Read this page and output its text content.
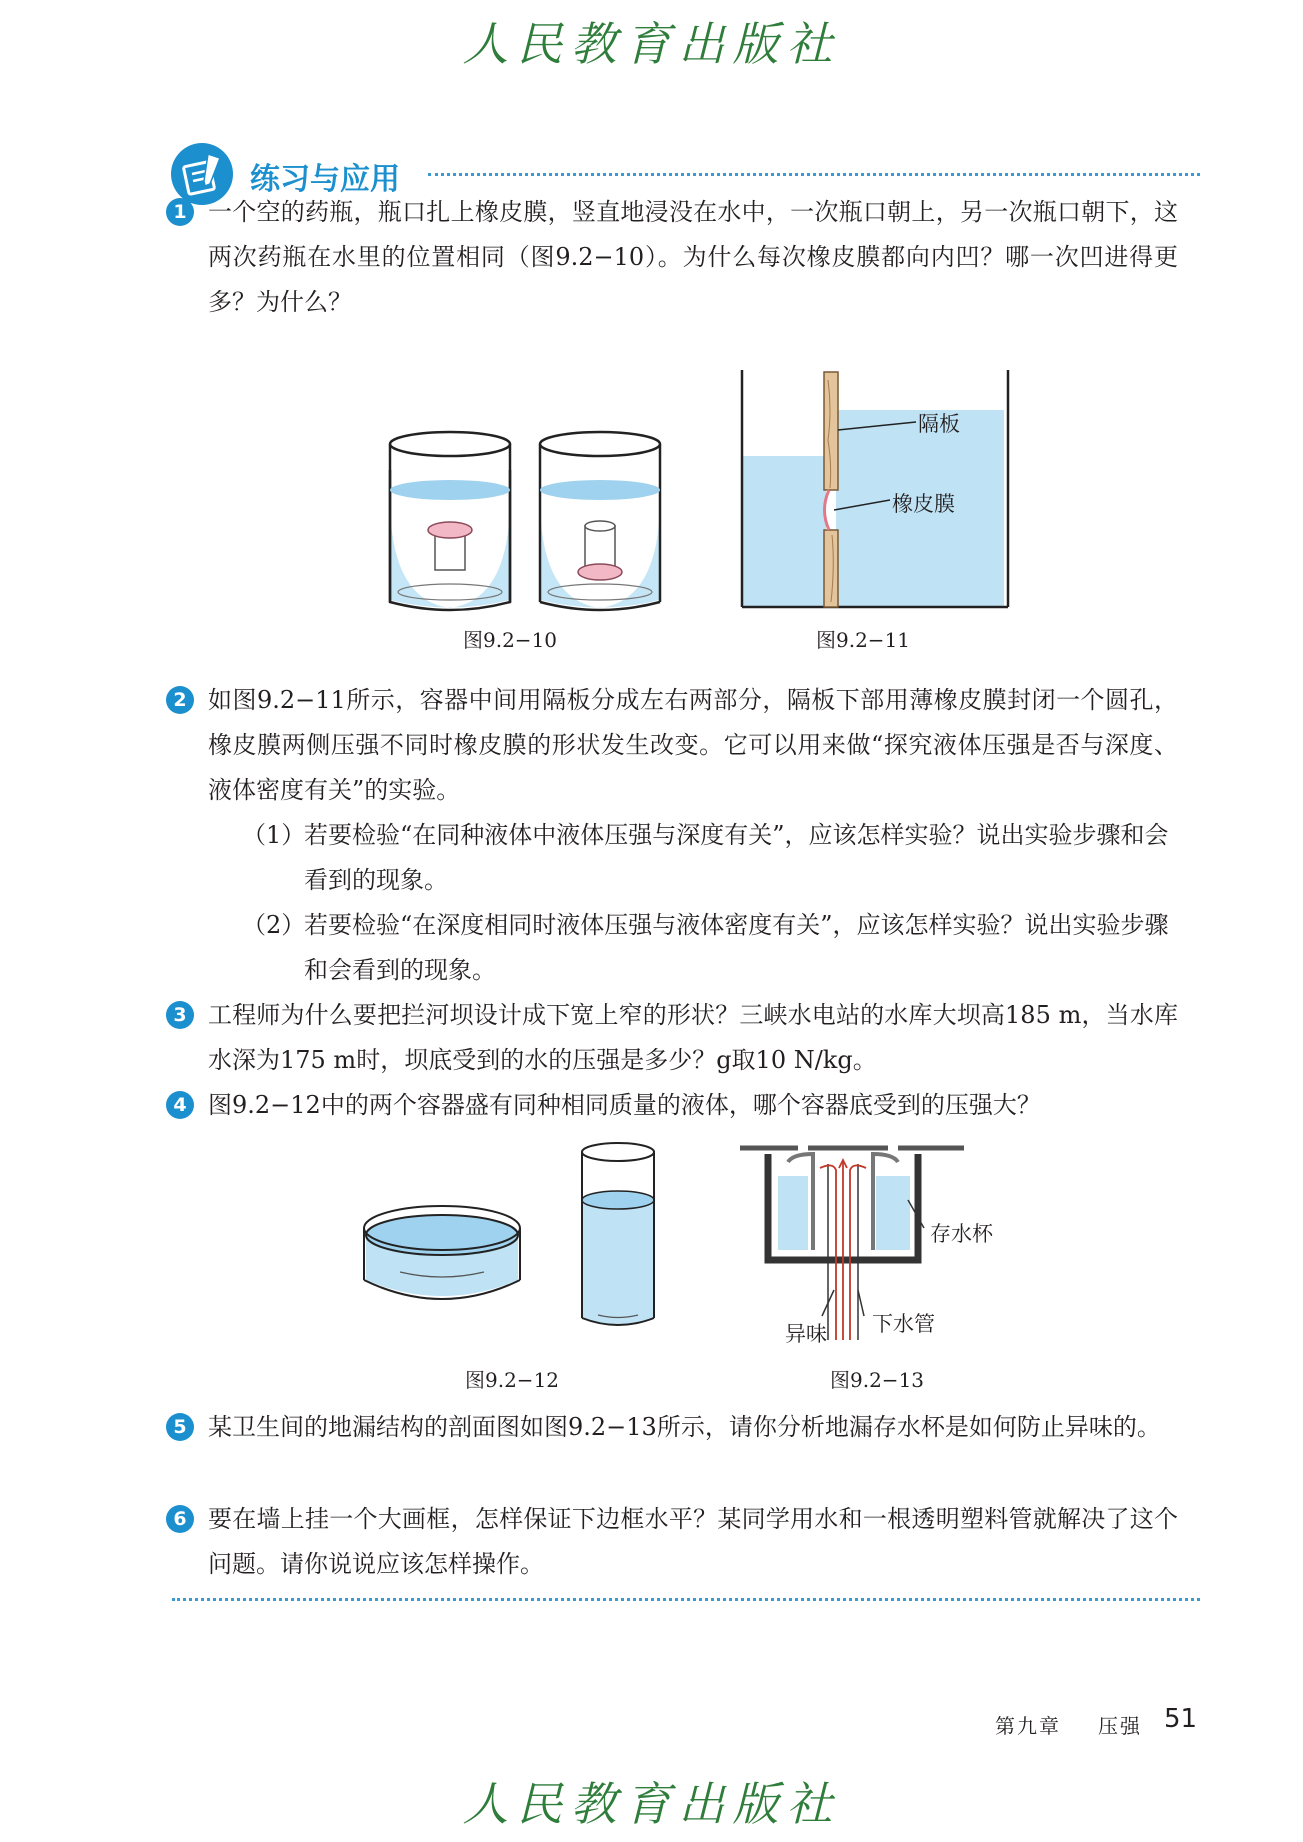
人民教育出版社
练习与应用
1 一个空的药瓶，瓶口扎上橡皮膜，竖直地浸没在水中，一次瓶口朝上，另一次瓶口朝下，这两次药瓶在水里的位置相同（图9.2−10）。为什么每次橡皮膜都向内凹？哪一次凹进得更多？为什么？

图9.2−10
隔板
橡皮膜
图9.2−11
2 如图9.2−11所示，容器中间用隔板分成左右两部分，隔板下部用薄橡皮膜封闭一个圆孔，橡皮膜两侧压强不同时橡皮膜的形状发生改变。它可以用来做“探究液体压强是否与深度、液体密度有关”的实验。

（1）

若要检验“在同种液体中液体压强与深度有关”，应该怎样实验？说出实验步骤和会看到的现象。

（2）

若要检验“在深度相同时液体压强与液体密度有关”，应该怎样实验？说出实验步骤和会看到的现象。

3 工程师为什么要把拦河坝设计成下宽上窄的形状？三峡水电站的水库大坝高185 m，当水库水深为175 m时，坝底受到的水的压强是多少？g取10 N/kg。

4 图9.2−12中的两个容器盛有同种相同质量的液体，哪个容器底受到的压强大？

图9.2−12
存水杯
异味 下水管
图9.2−13
5 某卫生间的地漏结构的剖面图如图9.2−13所示，请你分析地漏存水杯是如何防止异味的。

6 要在墙上挂一个大画框，怎样保证下边框水平？某同学用水和一根透明塑料管就解决了这个问题。请你说说应该怎样操作。

第九章 压强 51
人民教育出版社
